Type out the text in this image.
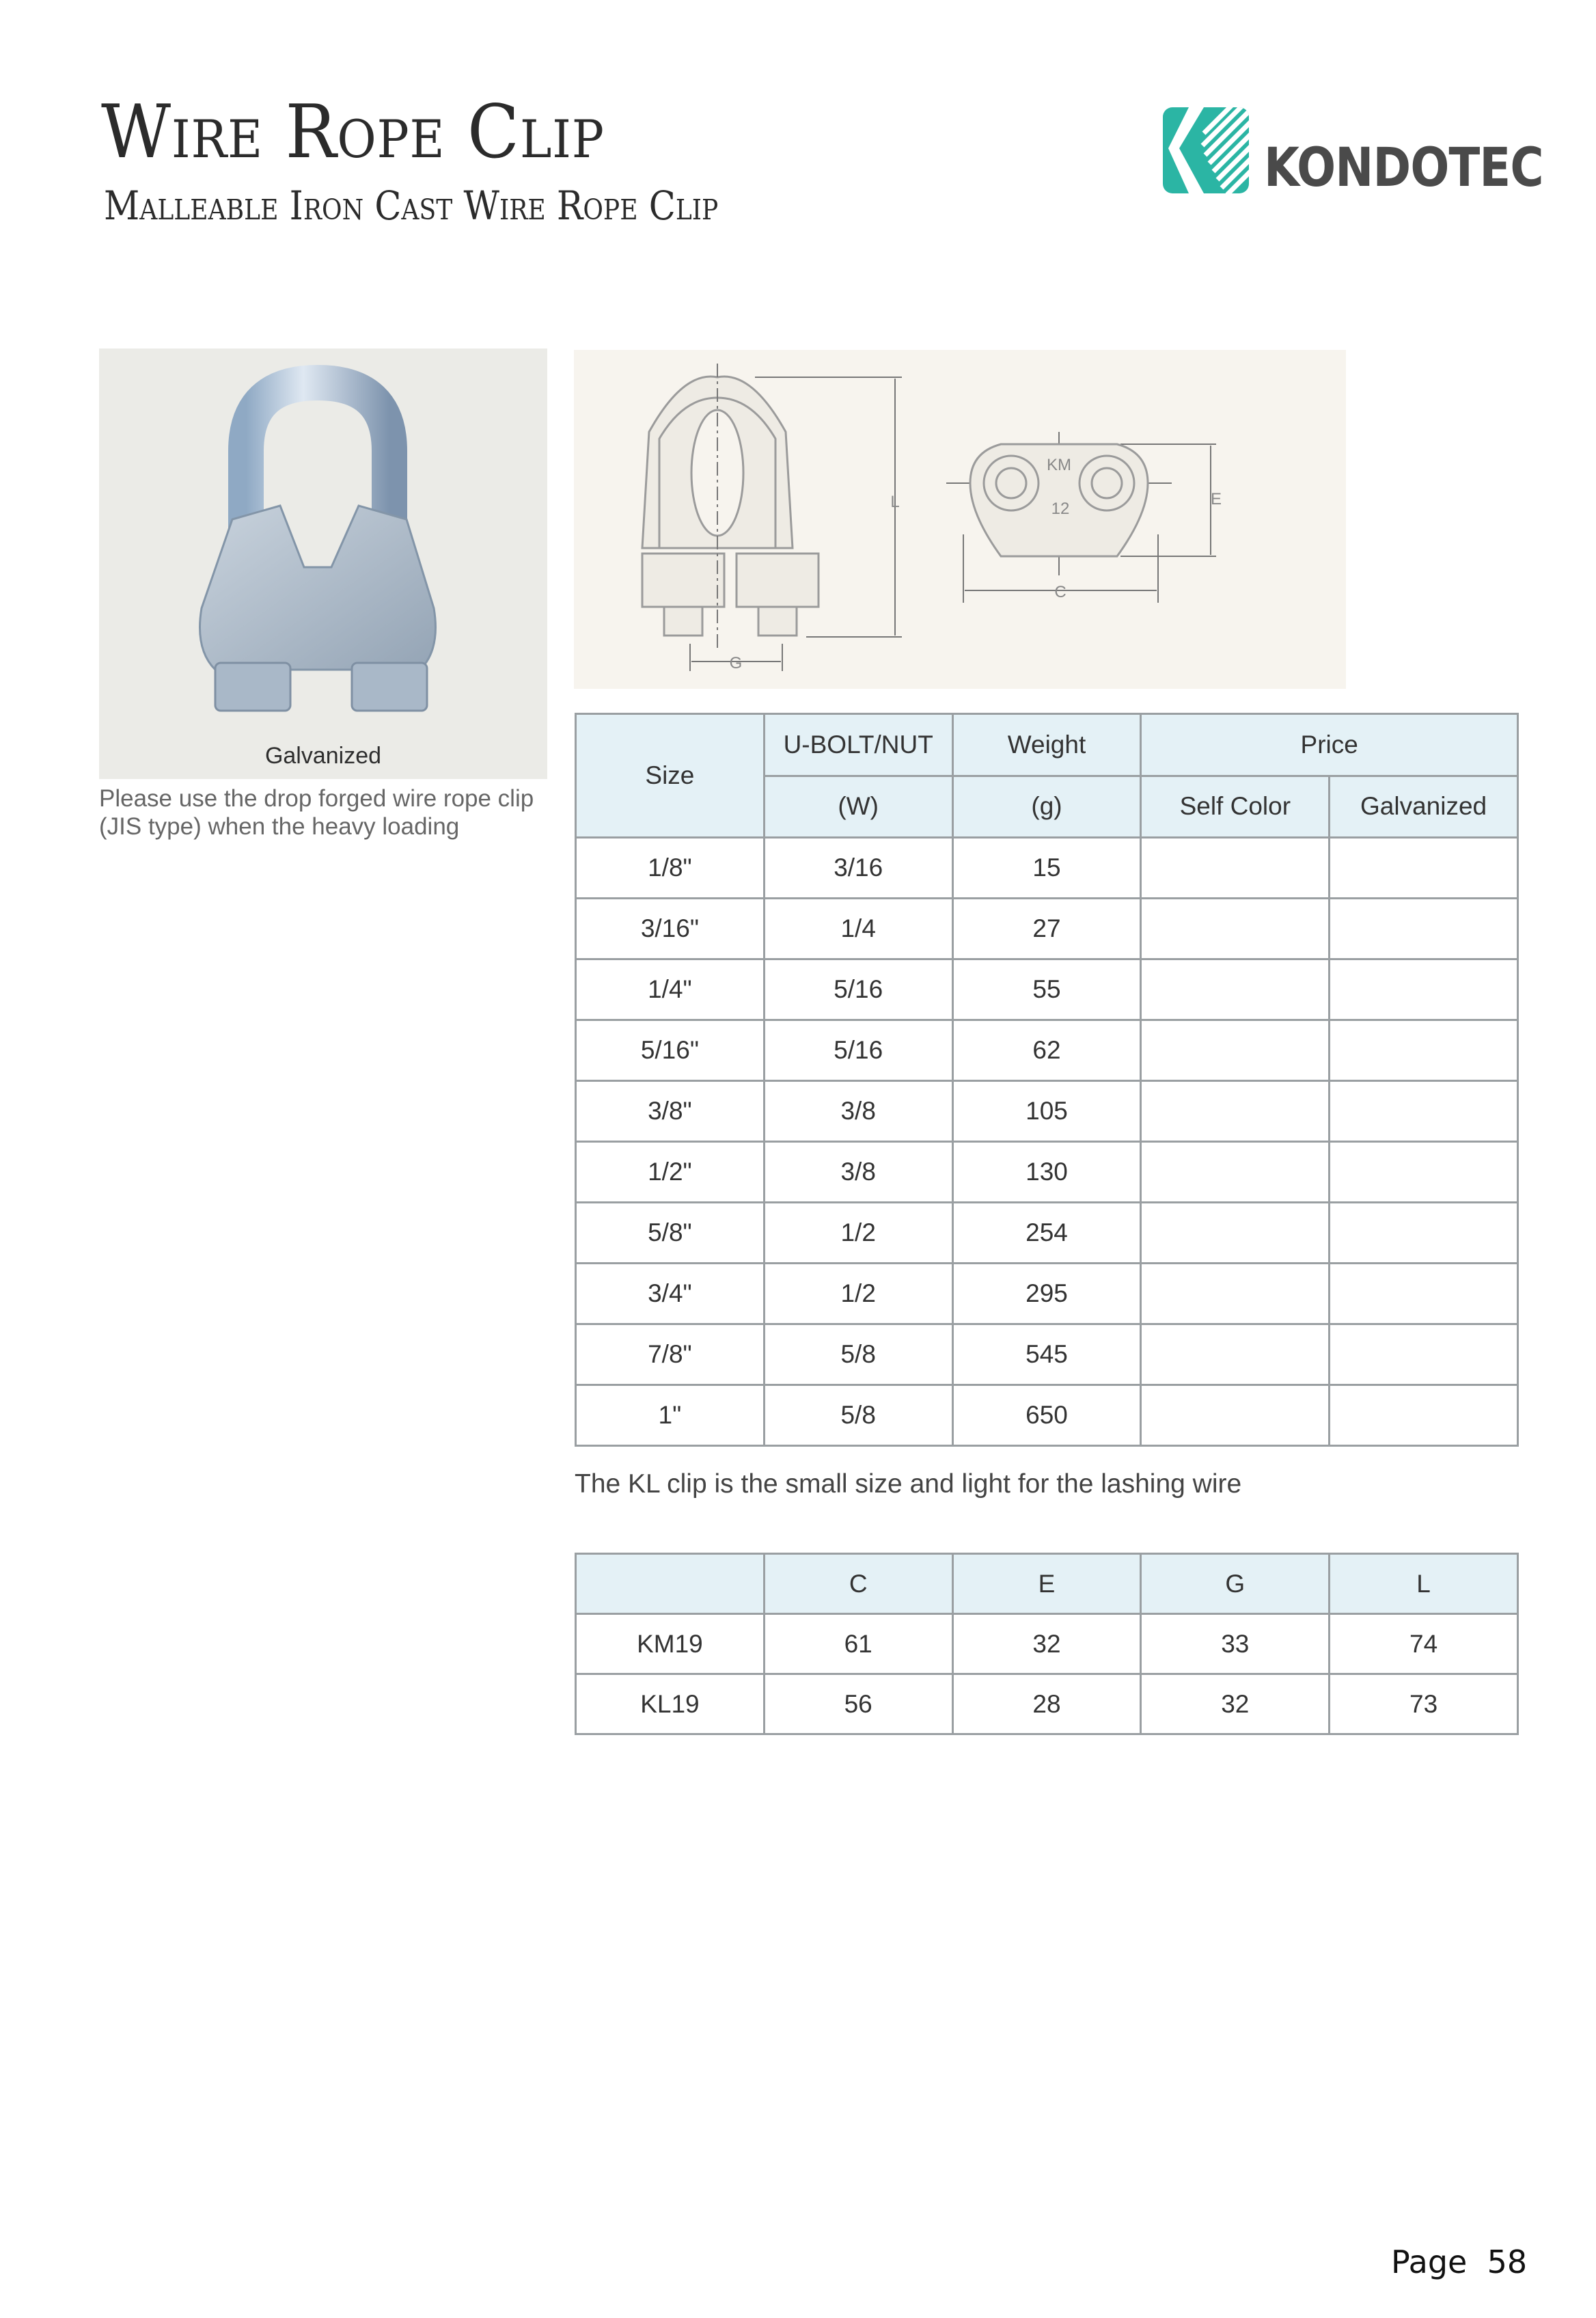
Wire Rope Clip
Malleable Iron Cast Wire Rope Clip
KONDOTEC
Galvanized
Please use the drop forged wire rope clip (JIS type) when the heavy loading
L
G
C
E
KM
12
Size	U-BOLT/NUT	Weight	Price	
	(W)	(g)	Self Color	Galvanized
1/8"	3/16	15		
3/16"	1/4	27		
1/4"	5/16	55		
5/16"	5/16	62		
3/8"	3/8	105		
1/2"	3/8	130		
5/8"	1/2	254		
3/4"	1/2	295		
7/8"	5/8	545		
1"	5/8	650		
The KL clip is the small size and light for the lashing wire
	C	E	G	L
KM19	61	32	33	74
KL19	56	28	32	73
Page  58
